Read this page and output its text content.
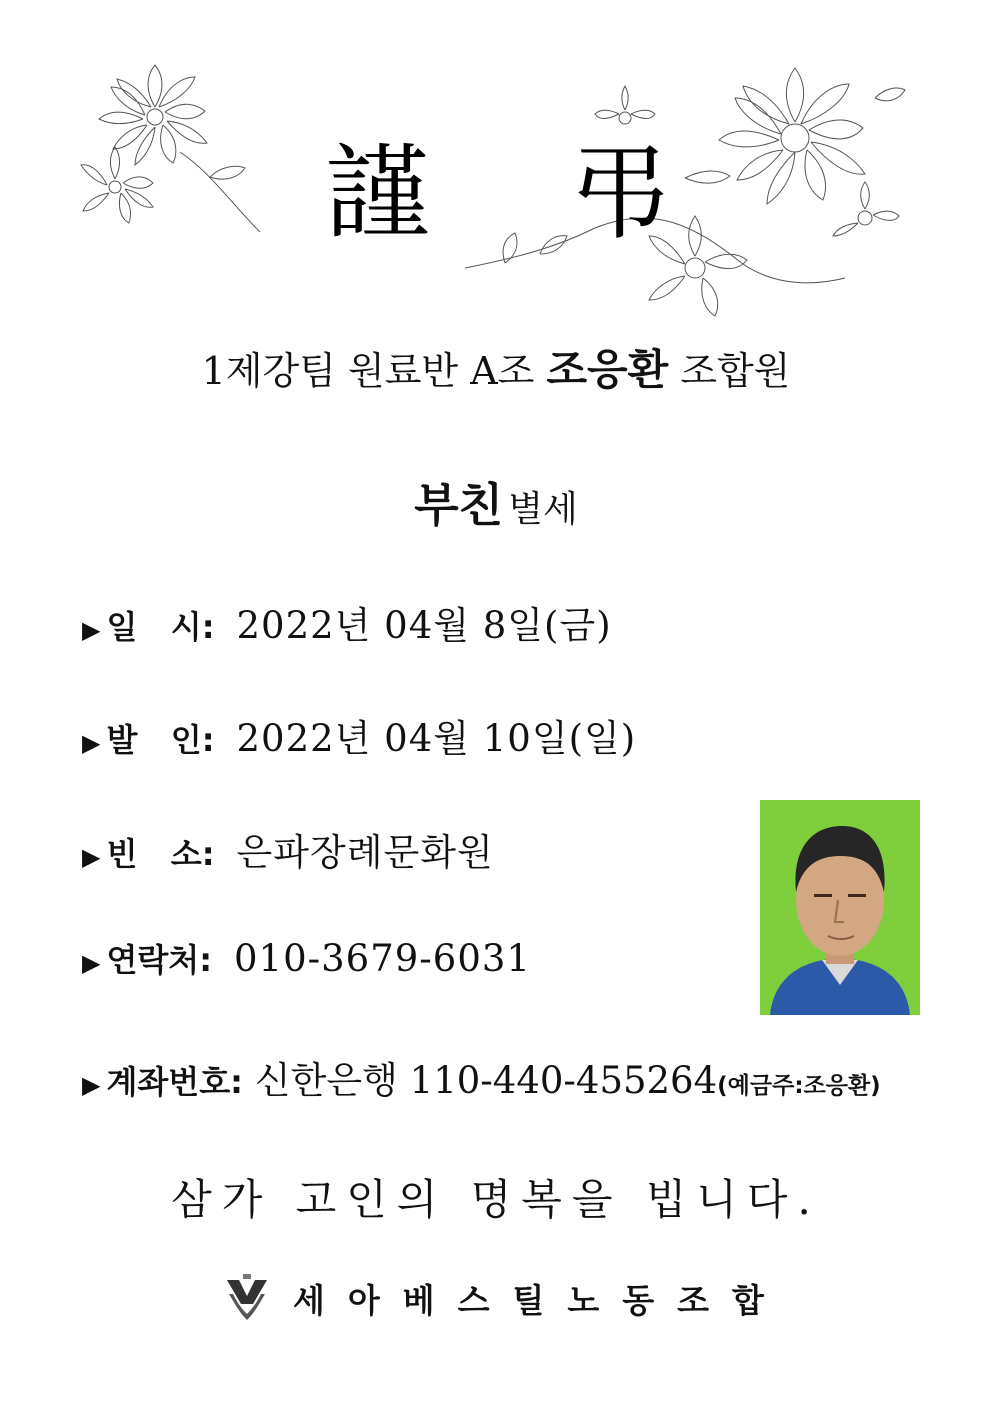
謹 弔
1제강팀 원료반 A조 조응환 조합원
부친 별세
▶ 일   시 : 2022년 04월 8일(금)
▶ 발   인 : 2022년 04월 10일(일)
▶ 빈   소 : 은파장례문화원
▶ 연락처 : 010-3679-6031
▶ 계좌번호 : 신한은행 110-440-455264 (예금주:조응환)
삼가 고인의 명복을 빕니다.
세아베스틸노동조합
